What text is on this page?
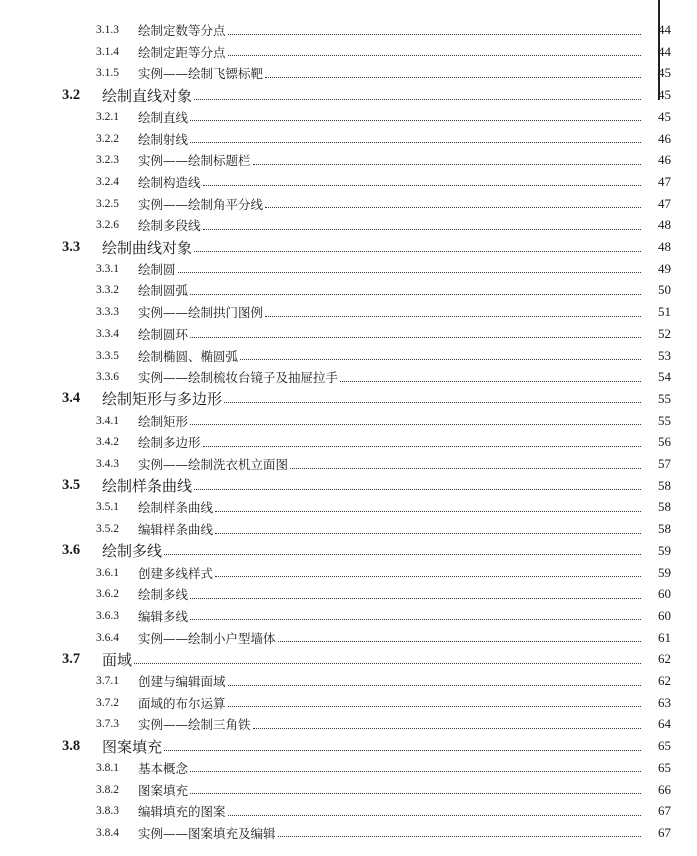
3.1.3	绘制定数等分点	44
3.1.4	绘制定距等分点	44
3.1.5	实例——绘制飞镖标靶	45
3.2	绘制直线对象	45
3.2.1	绘制直线	45
3.2.2	绘制射线	46
3.2.3	实例——绘制标题栏	46
3.2.4	绘制构造线	47
3.2.5	实例——绘制角平分线	47
3.2.6	绘制多段线	48
3.3	绘制曲线对象	48
3.3.1	绘制圆	49
3.3.2	绘制圆弧	50
3.3.3	实例——绘制拱门图例	51
3.3.4	绘制圆环	52
3.3.5	绘制椭圆、椭圆弧	53
3.3.6	实例——绘制梳妆台镜子及抽屉拉手	54
3.4	绘制矩形与多边形	55
3.4.1	绘制矩形	55
3.4.2	绘制多边形	56
3.4.3	实例——绘制洗衣机立面图	57
3.5	绘制样条曲线	58
3.5.1	绘制样条曲线	58
3.5.2	编辑样条曲线	58
3.6	绘制多线	59
3.6.1	创建多线样式	59
3.6.2	绘制多线	60
3.6.3	编辑多线	60
3.6.4	实例——绘制小户型墙体	61
3.7	面域	62
3.7.1	创建与编辑面域	62
3.7.2	面域的布尔运算	63
3.7.3	实例——绘制三角铁	64
3.8	图案填充	65
3.8.1	基本概念	65
3.8.2	图案填充	66
3.8.3	编辑填充的图案	67
3.8.4	实例——图案填充及编辑	67
